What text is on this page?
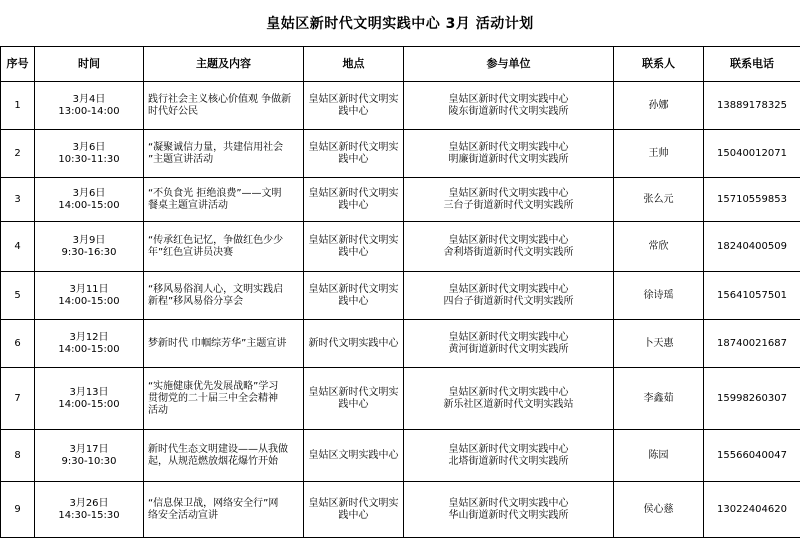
皇姑区新时代文明实践中心 3月 活动计划
序号	时间	主题及内容	地点	参与单位	联系人	联系电话

1	3月4日
13:00-14:00	践行社会主义核心价值观 争做新
时代好公民	皇姑区新时代文明实
践中心	皇姑区新时代文明实践中心
陵东街道新时代文明实践所	孙娜	13889178325

2	3月6日
10:30-11:30	“凝聚诚信力量，共建信用社会
”主题宣讲活动	皇姑区新时代文明实
践中心	皇姑区新时代文明实践中心
明廉街道新时代文明实践所	王帅	15040012071

3	3月6日
14:00-15:00	“不负食光 拒绝浪费”——文明
餐桌主题宣讲活动	皇姑区新时代文明实
践中心	皇姑区新时代文明实践中心
三台子街道新时代文明实践所	张么元	15710559853

4	3月9日
9:30-16:30	“传承红色记忆，争做红色少少
年”红色宣讲员决赛	皇姑区新时代文明实
践中心	皇姑区新时代文明实践中心
舍利塔街道新时代文明实践所	常欣	18240400509

5	3月11日
14:00-15:00	“移风易俗润人心，文明实践启
新程”移风易俗分享会	皇姑区新时代文明实
践中心	皇姑区新时代文明实践中心
四台子街道新时代文明实践所	徐诗瑶	15641057501

6	3月12日
14:00-15:00	梦新时代 巾帼综芳华”主题宣讲	新时代文明实践中心	皇姑区新时代文明实践中心
黄河街道新时代文明实践所	卜天惠	18740021687

7	3月13日
14:00-15:00	“实施健康优先发展战略”学习
贯彻党的二十届三中全会精神
活动	皇姑区新时代文明实
践中心	皇姑区新时代文明实践中心
新乐社区道新时代文明实践站	李鑫茹	15998260307

8	3月17日
9:30-10:30	新时代生态文明建设——从我做
起，从规范燃放烟花爆竹开始	皇姑区文明实践中心	皇姑区新时代文明实践中心
北塔街道新时代文明实践所	陈园	15566040047

9	3月26日
14:30-15:30	“信息保卫战，网络安全行”网
络安全活动宣讲	皇姑区新时代文明实
践中心	皇姑区新时代文明实践中心
华山街道新时代文明实践所	侯心慈	13022404620
